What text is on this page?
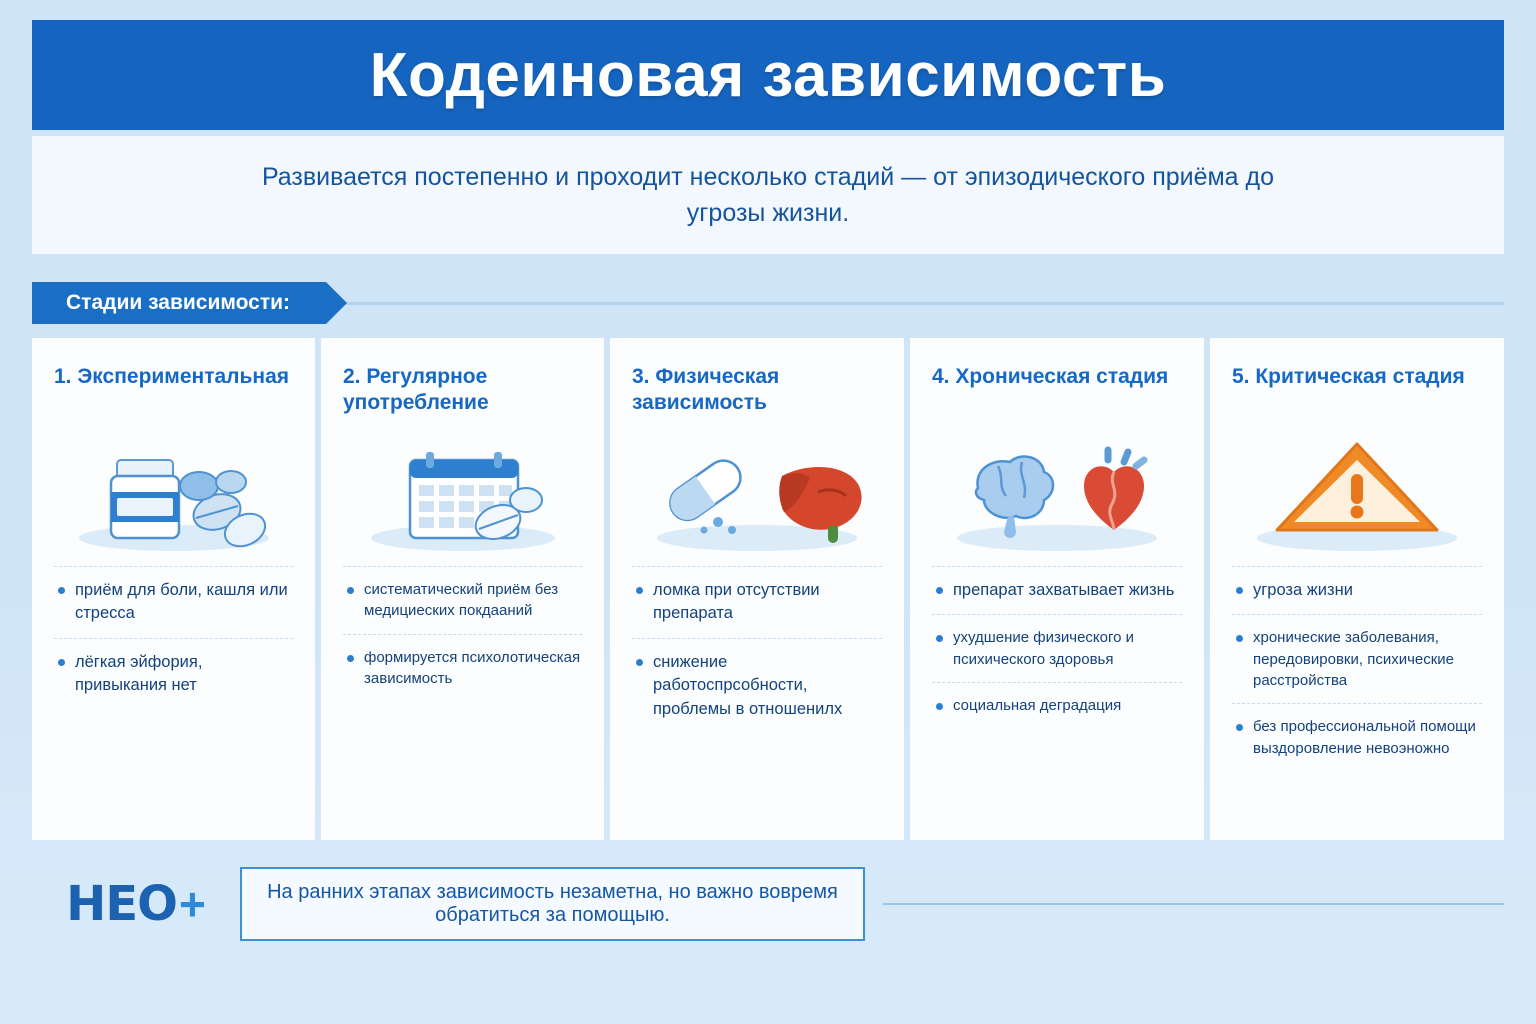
Кодеиновая зависимость

Развивается постепенно и проходит несколько стадий — от эпизодического приёма до угрозы жизни.

Стадии зависимости:
1. Экспериментальная
приём для боли, кашля или стресса
лёгкая эйфория, привыкания нет
2. Регулярное употребление
систематический приём без медициеских покдааний
формируется психолотическая зависимость
3. Физическая зависимость
ломка при отсутствии препарата
снижение работоспрсобности, проблемы в отношенилх
4. Хроническая стадия
препарат захватывает жизнь
ухудшение физического и психического здоровья
социальная деградация
5. Критическая стадия
угроза жизни
хронические заболевания, передовировки, психические расстройства
без профессиональной помощи выздоровление невоэножно
НЕО +	На ранних этапах зависимость незаметна, но важно вовремя обратиться за помощыю.
